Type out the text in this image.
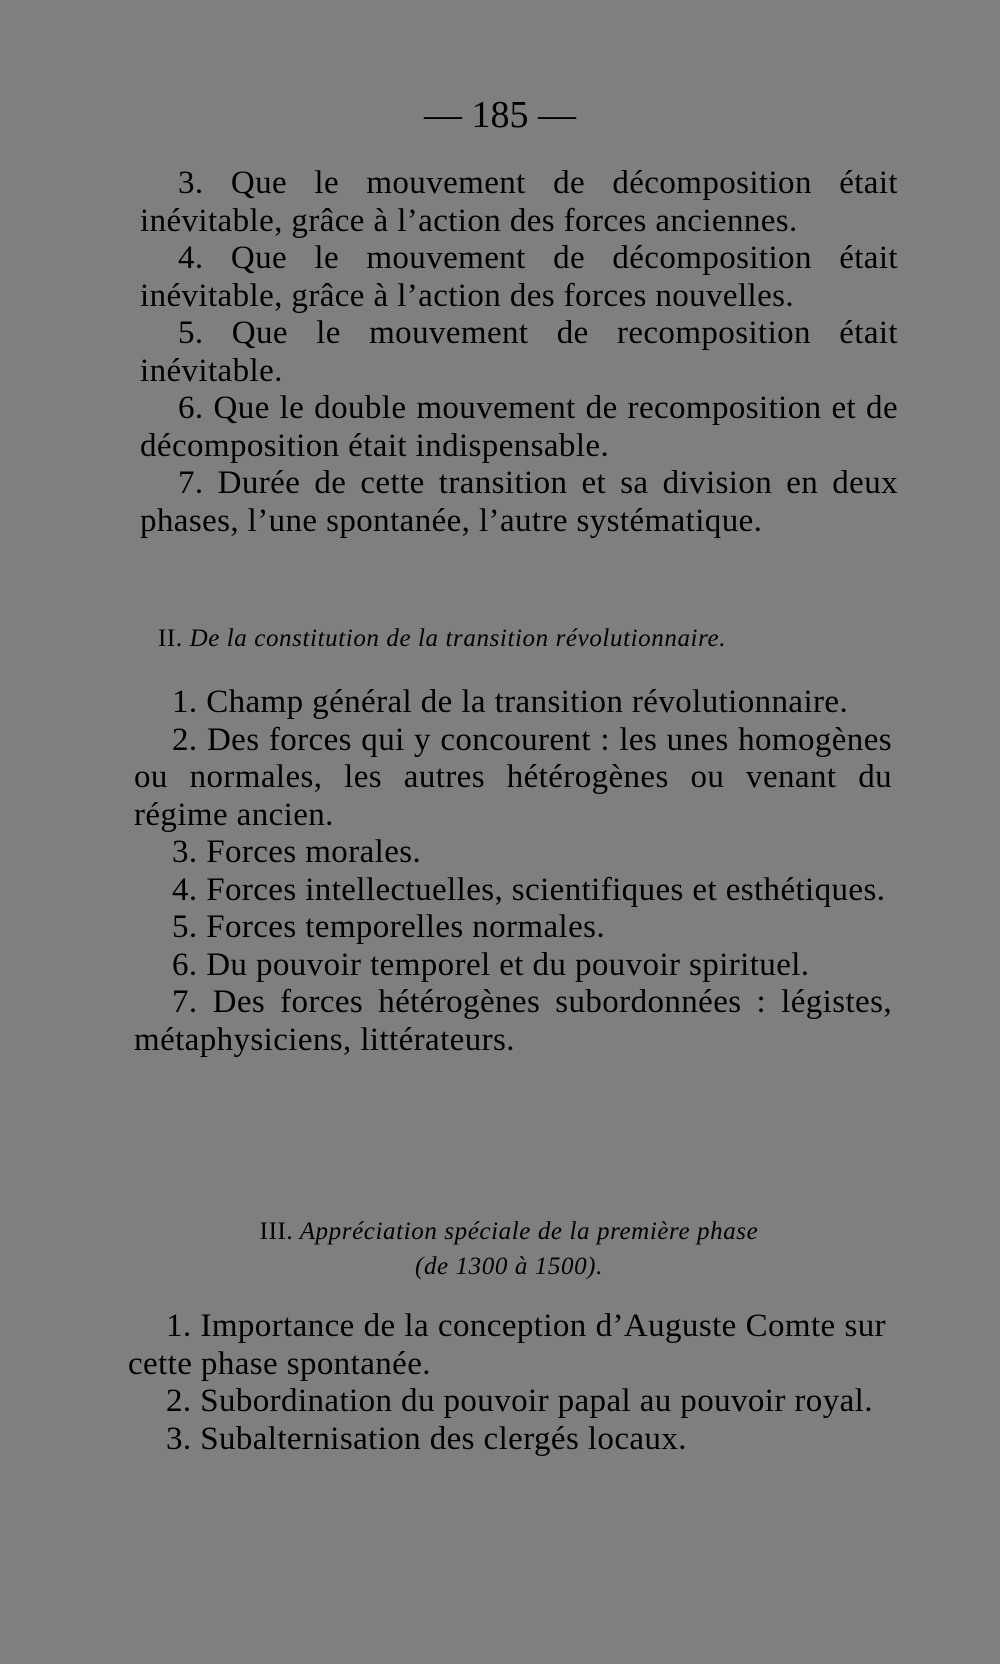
— 185 —

3. Que le mouvement de décomposition était inévitable, grâce à l’action des forces anciennes.

4. Que le mouvement de décomposition était inévitable, grâce à l’action des forces nouvelles.

5. Que le mouvement de recomposition était inévitable.

6. Que le double mouvement de recomposition et de décomposition était indispensable.

7. Durée de cette transition et sa division en deux phases, l’une spontanée, l’autre systématique.

II. De la constitution de la transition révolutionnaire.

1. Champ général de la transition révolutionnaire.

2. Des forces qui y concourent : les unes homogènes ou normales, les autres hétérogènes ou venant du régime ancien.

3. Forces morales.

4. Forces intellectuelles, scientifiques et esthétiques.

5. Forces temporelles normales.

6. Du pouvoir temporel et du pouvoir spirituel.

7. Des forces hétérogènes subordonnées : légistes, métaphysiciens, littérateurs.

III. Appréciation spéciale de la première phase
(de 1300 à 1500).

1. Importance de la conception d’Auguste Comte sur cette phase spontanée.

2. Subordination du pouvoir papal au pouvoir royal.

3. Subalternisation des clergés locaux.
